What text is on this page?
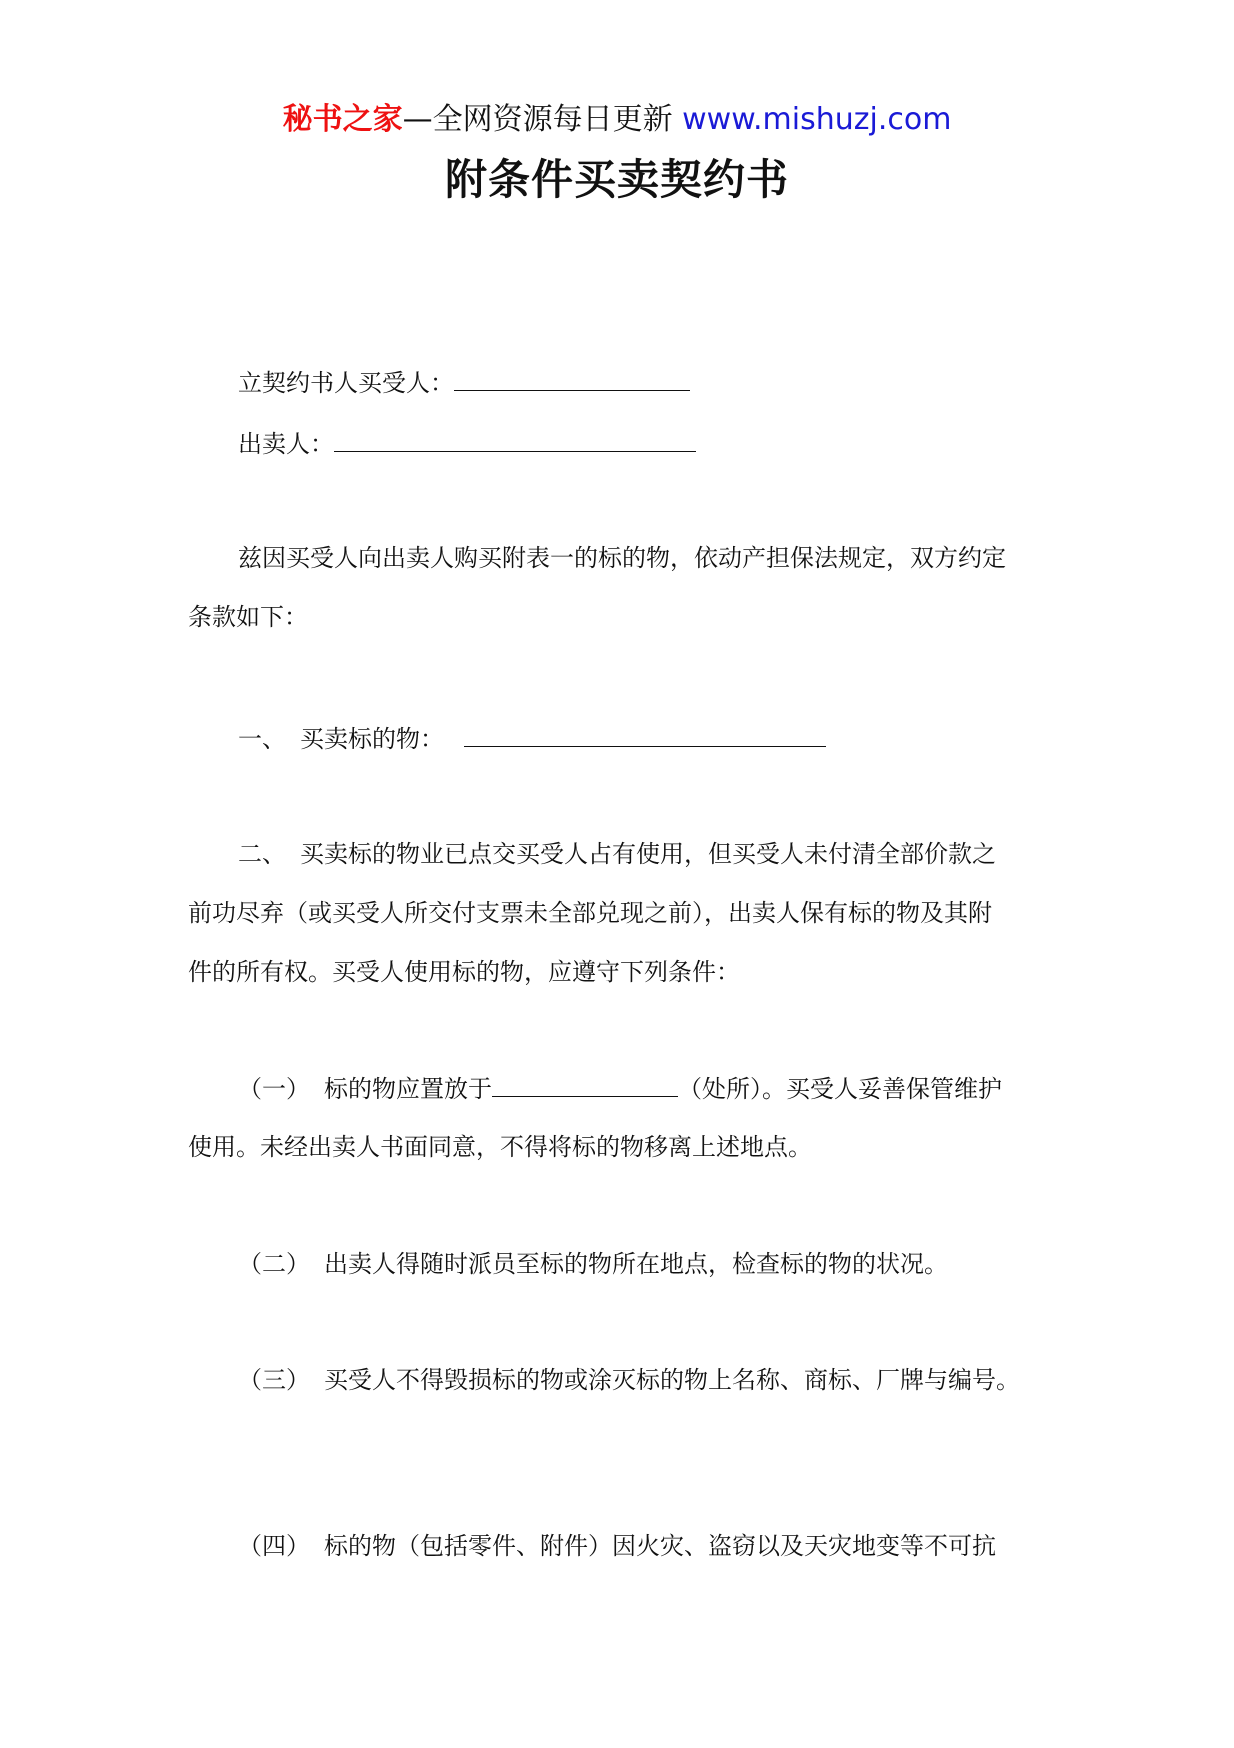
秘书之家—全网资源每日更新 www.mishuzj.com
附条件买卖契约书
立契约书人买受人：
出卖人：
兹因买受人向出卖人购买附表一的标的物，依动产担保法规定，双方约定
条款如下：
一、 买卖标的物：
二、 买卖标的物业已点交买受人占有使用，但买受人未付清全部价款之
前功尽弃（或买受人所交付支票未全部兑现之前），出卖人保有标的物及其附
件的所有权。买受人使用标的物，应遵守下列条件：
（一） 标的物应置放于	（处所）。买受人妥善保管维护
使用。未经出卖人书面同意，不得将标的物移离上述地点。
（二） 出卖人得随时派员至标的物所在地点，检查标的物的状况。
（三） 买受人不得毁损标的物或涂灭标的物上名称、商标、厂牌与编号。
（四） 标的物（包括零件、附件）因火灾、盗窃以及天灾地变等不可抗
